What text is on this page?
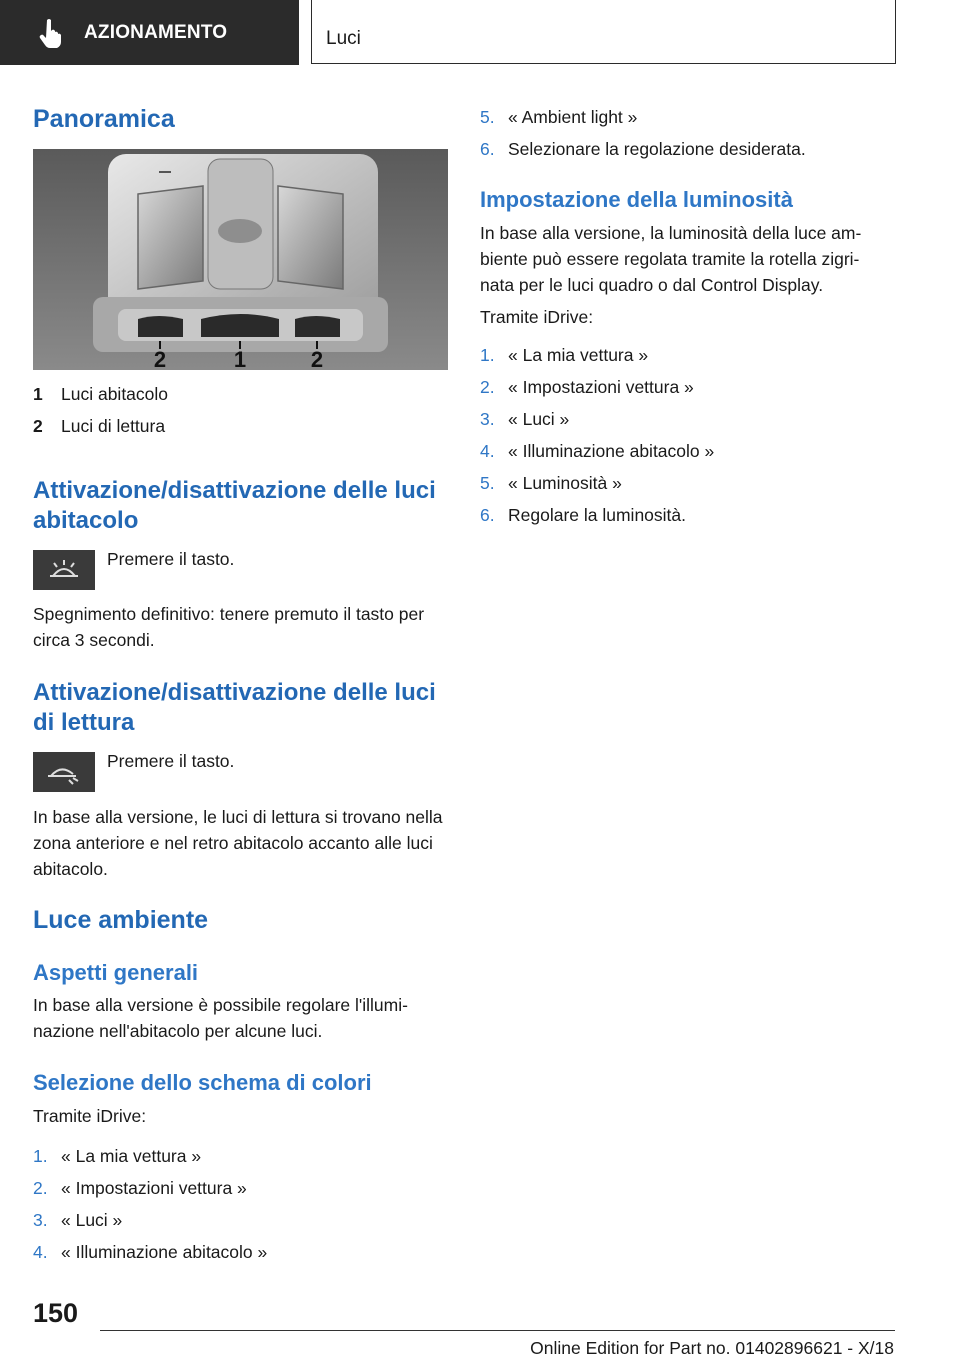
AZIONAMENTO	Luci
Panoramica
2	1	2
1 Luci abitacolo
2 Luci di lettura
Attivazione/disattivazione delle luci abitacolo

Premere il tasto.

Spegnimento definitivo: tenere premuto il tasto per circa 3 secondi.

Attivazione/disattivazione delle luci di lettura

Premere il tasto.

In base alla versione, le luci di lettura si trovano nella zona anteriore e nel retro abitacolo accanto alle luci abitacolo.

Luce ambiente
Aspetti generali

In base alla versione è possibile regolare l'illumi- nazione nell'abitacolo per alcune luci.

Selezione dello schema di colori

Tramite iDrive:

1. « La mia vettura »
2. « Impostazioni vettura »
3. « Luci »
4. « Illuminazione abitacolo »
5. « Ambient light »
6. Selezionare la regolazione desiderata.
Impostazione della luminosità

In base alla versione, la luminosità della luce am- biente può essere regolata tramite la rotella zigri- nata per le luci quadro o dal Control Display.

Tramite iDrive:

1. « La mia vettura »
2. « Impostazioni vettura »
3. « Luci »
4. « Illuminazione abitacolo »
5. « Luminosità »
6. Regolare la luminosità.
150
Online Edition for Part no. 01402896621 - X/18
